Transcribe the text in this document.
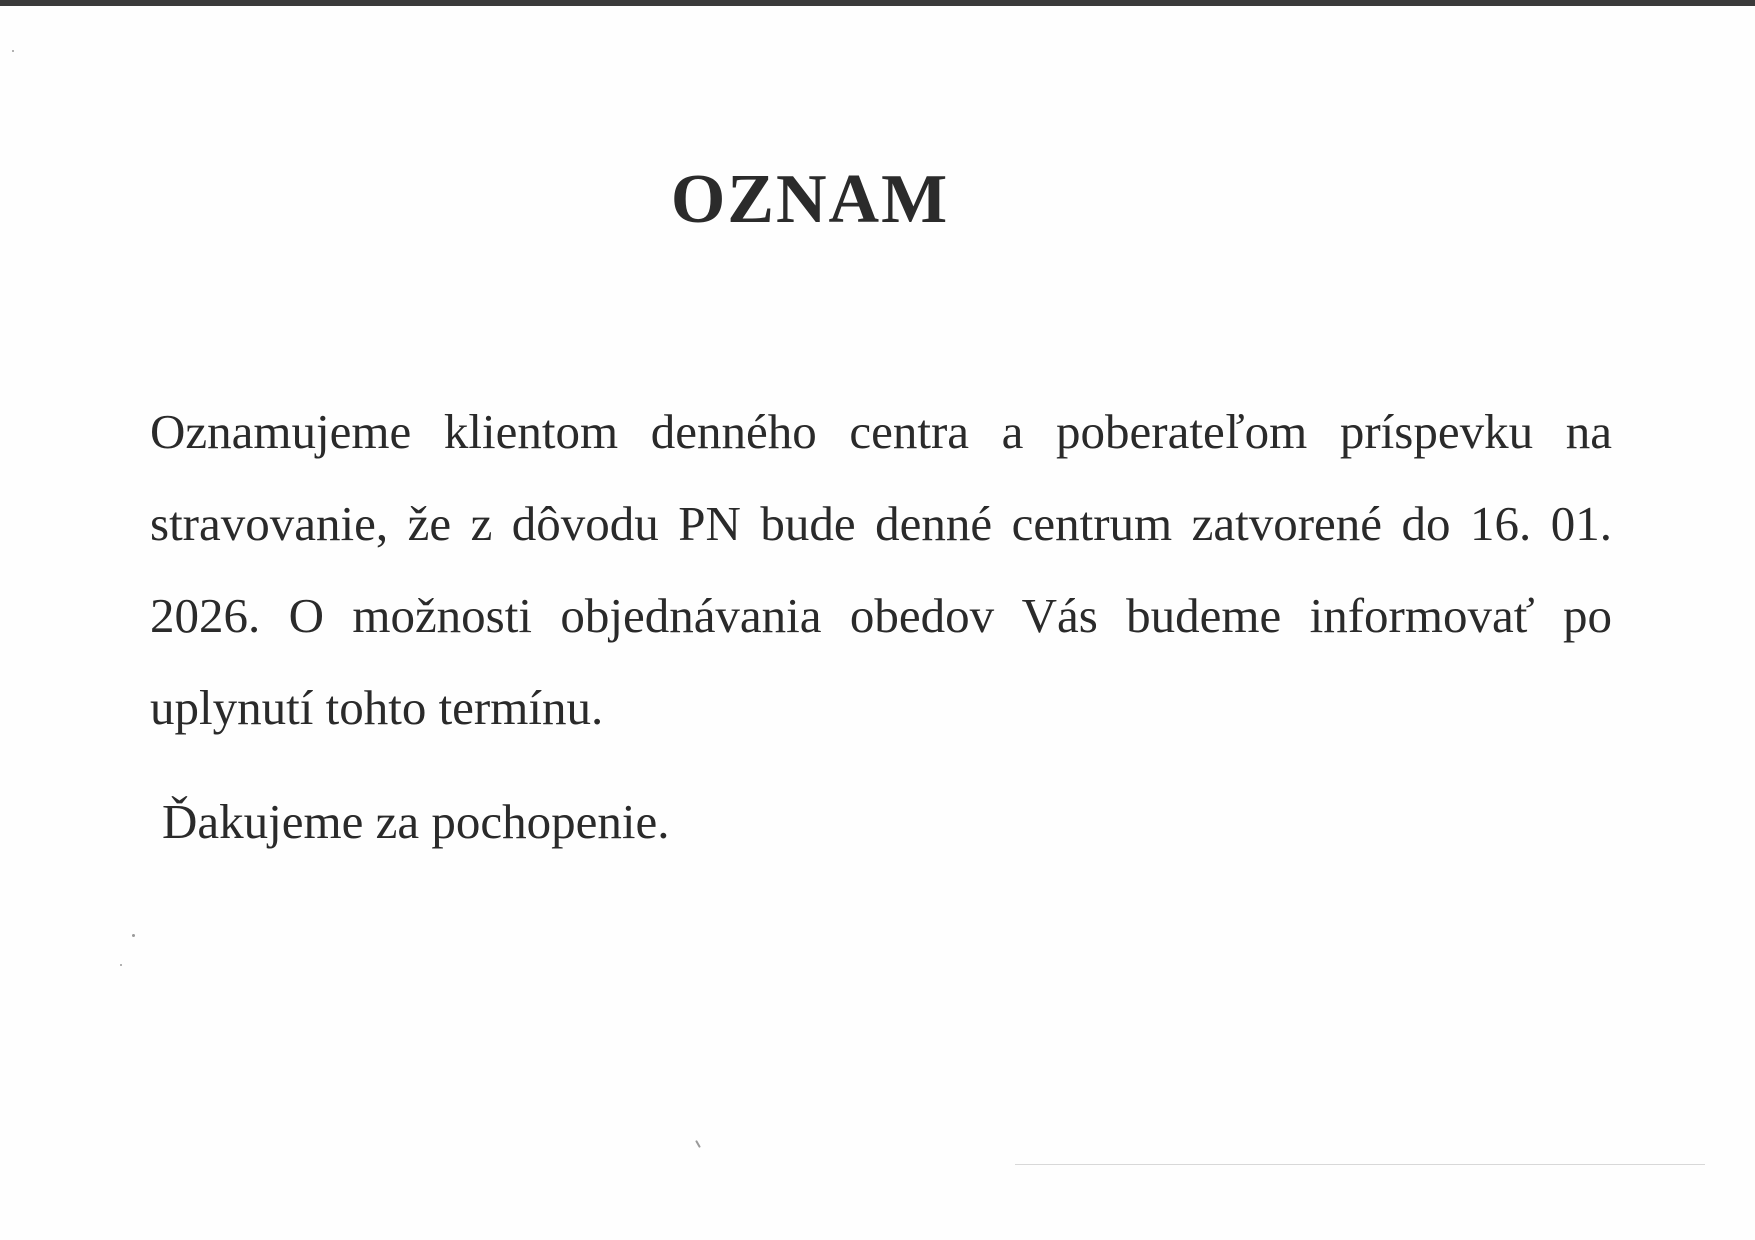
OZNAM

Oznamujeme klientom denného centra a poberateľom príspevku na stravovanie, že z dôvodu PN bude denné centrum zatvorené do 16. 01. 2026. O možnosti objednávania obedov Vás budeme informovať po uplynutí tohto termínu.

Ďakujeme za pochopenie.
